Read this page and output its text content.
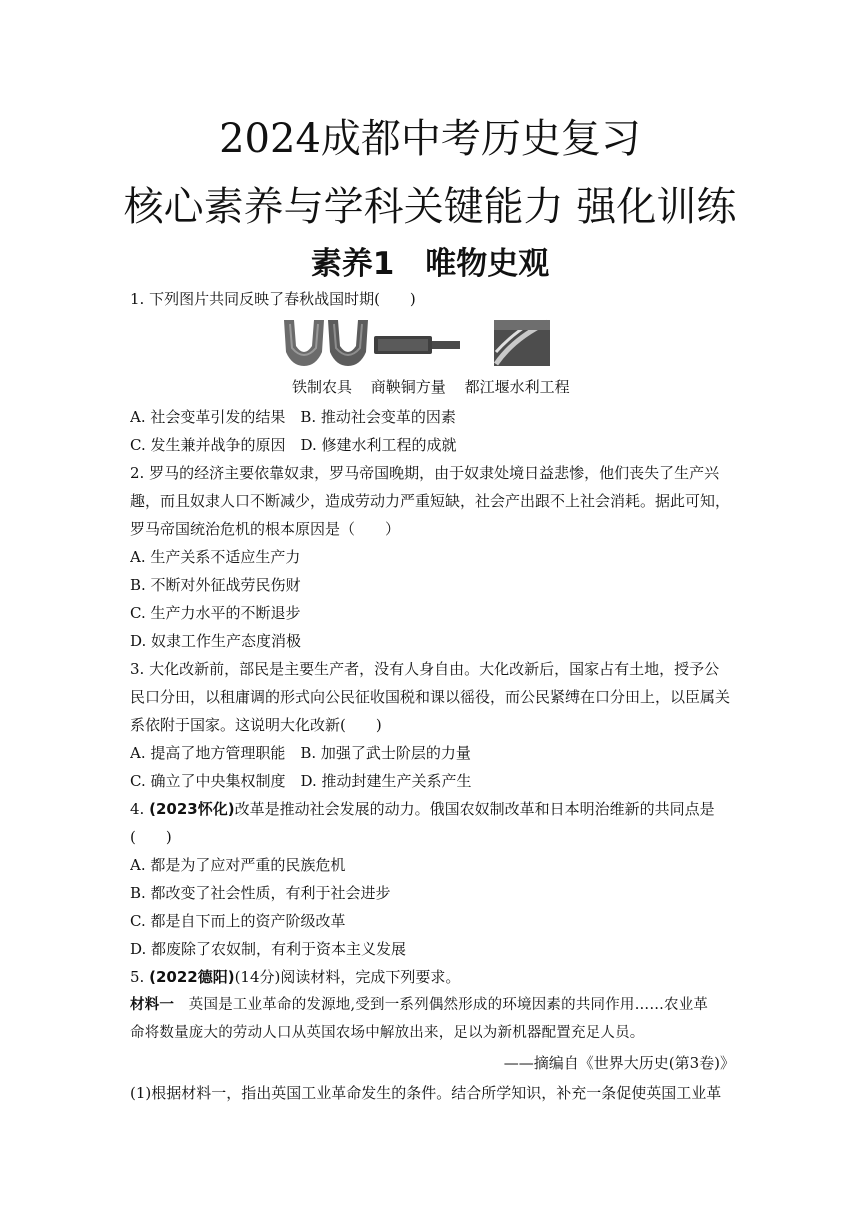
2024成都中考历史复习
核心素养与学科关键能力 强化训练
素养1　唯物史观
1. 下列图片共同反映了春秋战国时期(　　)
铁制农具 商鞅铜方量 都江堰水利工程
A. 社会变革引发的结果　B. 推动社会变革的因素
C. 发生兼并战争的原因　D. 修建水利工程的成就
2. 罗马的经济主要依靠奴隶，罗马帝国晚期，由于奴隶处境日益悲惨，他们丧失了生产兴
趣，而且奴隶人口不断减少，造成劳动力严重短缺，社会产出跟不上社会消耗。据此可知，
罗马帝国统治危机的根本原因是（　　）
A. 生产关系不适应生产力
B. 不断对外征战劳民伤财
C. 生产力水平的不断退步
D. 奴隶工作生产态度消极
3. 大化改新前，部民是主要生产者，没有人身自由。大化改新后，国家占有土地，授予公
民口分田，以租庸调的形式向公民征收国税和课以徭役，而公民紧缚在口分田上，以臣属关
系依附于国家。这说明大化改新(　　)
A. 提高了地方管理职能　B. 加强了武士阶层的力量
C. 确立了中央集权制度　D. 推动封建生产关系产生
4. (2023怀化)改革是推动社会发展的动力。俄国农奴制改革和日本明治维新的共同点是
(　　)
A. 都是为了应对严重的民族危机
B. 都改变了社会性质，有利于社会进步
C. 都是自下而上的资产阶级改革
D. 都废除了农奴制，有利于资本主义发展
5. (2022德阳)(14分)阅读材料，完成下列要求。
材料一　英国是工业革命的发源地,受到一系列偶然形成的环境因素的共同作用……农业革
命将数量庞大的劳动人口从英国农场中解放出来，足以为新机器配置充足人员。
——摘编自《世界大历史(第3卷)》
(1)根据材料一，指出英国工业革命发生的条件。结合所学知识，补充一条促使英国工业革
